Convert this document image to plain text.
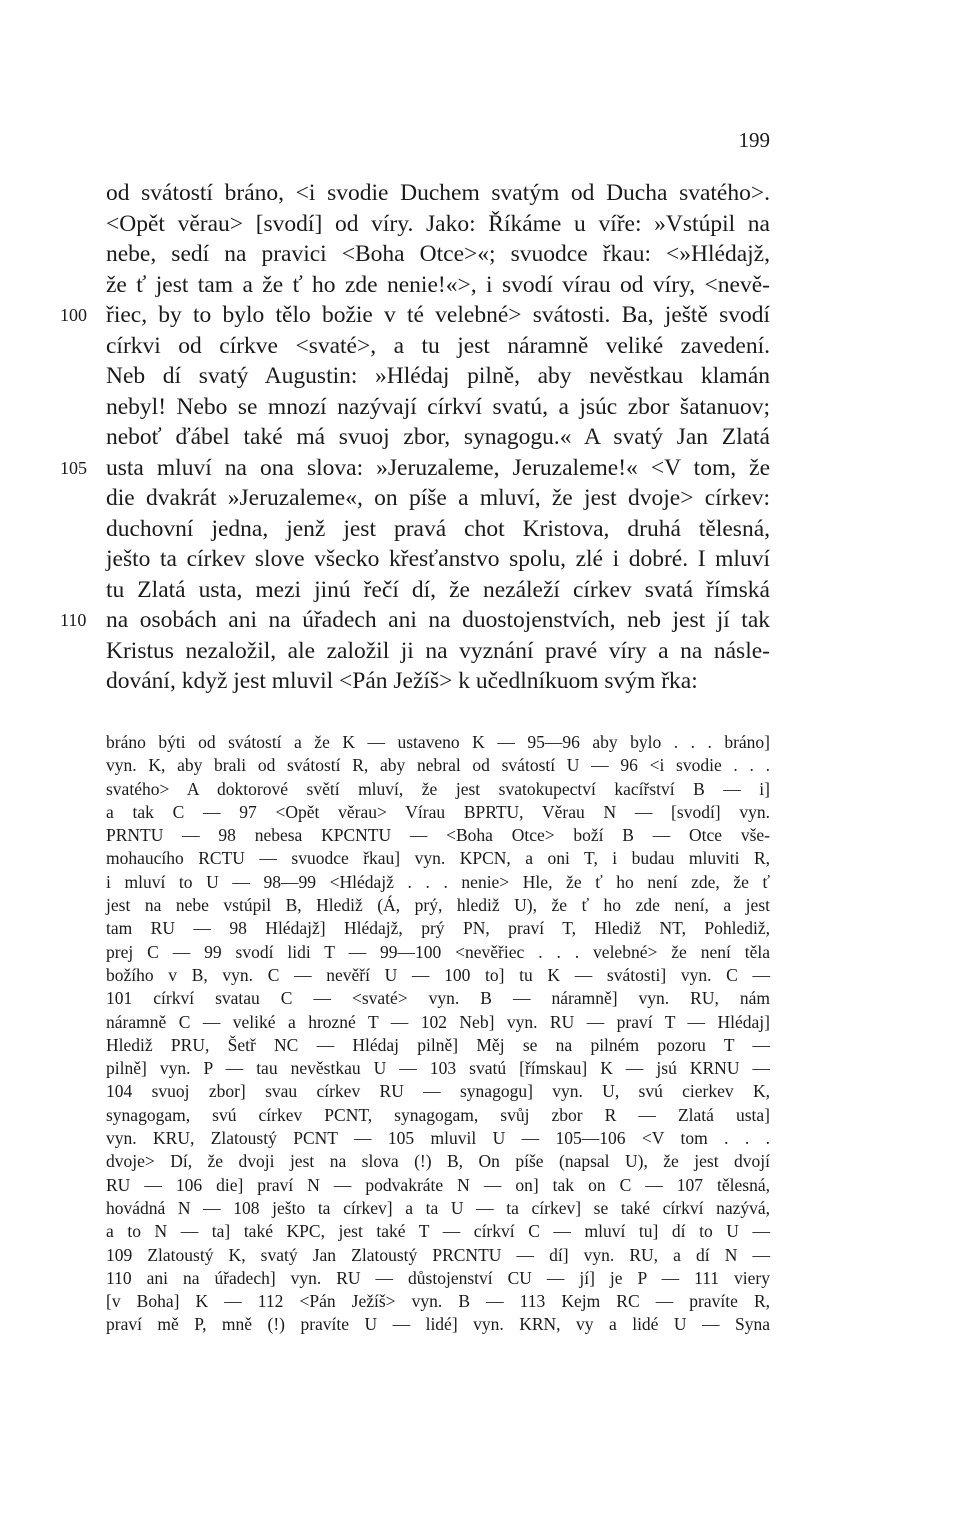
199
od svátostí bráno, <i svodie Duchem svatým od Ducha svatého>.
<Opět věrau> [svodí] od víry. Jako: Říkáme u víře: »Vstúpil na
nebe, sedí na pravici <Boha Otce>«; svuodce řkau: <»Hlédajž,
že ť jest tam a že ť ho zde nenie!«>, i svodí vírau od víry, <nevě-
100 řiec, by to bylo tělo božie v té velebné> svátosti. Ba, ještě svodí
církvi od církve <svaté>, a tu jest náramně veliké zavedení.
Neb dí svatý Augustin: »Hlédaj pilně, aby nevěstkau klamán
nebyl! Nebo se mnozí nazývají církví svatú, a jsúc zbor šatanuov;
neboť ďábel také má svuoj zbor, synagogu.« A svatý Jan Zlatá
105 usta mluví na ona slova: »Jeruzaleme, Jeruzaleme!« <V tom, že
die dvakrát »Jeruzaleme«, on píše a mluví, že jest dvoje> církev:
duchovní jedna, jenž jest pravá chot Kristova, druhá tělesná,
ješto ta církev slove všecko křesťanstvo spolu, zlé i dobré. I mluví
tu Zlatá usta, mezi jinú řečí dí, že nezáleží církev svatá římská
110 na osobách ani na úřadech ani na duostojenstvích, neb jest jí tak
Kristus nezaložil, ale založil ji na vyznání pravé víry a na násle-
dování, když jest mluvil <Pán Ježíš> k učedlníkuom svým řka:
bráno býti od svátostí a že K — ustaveno K — 95—96 aby bylo . . . bráno]
vyn. K, aby brali od svátostí R, aby nebral od svátostí U — 96 <i svodie . . .
svatého> A doktorové světí mluví, že jest svatokupectví kacířství B — i]
a tak C — 97 <Opět věrau> Vírau BPRTU, Věrau N — [svodí] vyn.
PRNTU — 98 nebesa KPCNTU — <Boha Otce> boží B — Otce vše-
mohaucího RCTU — svuodce řkau] vyn. KPCN, a oni T, i budau mluviti R,
i mluví to U — 98—99 <Hlédajž . . . nenie> Hle, že ť ho není zde, že ť
jest na nebe vstúpil B, Hlediž (Á, prý, hlediž U), že ť ho zde není, a jest
tam RU — 98 Hlédajž] Hlédajž, prý PN, praví T, Hlediž NT, Pohlediž,
prej C — 99 svodí lidi T — 99—100 <nevěřiec . . . velebné> že není těla
božího v B, vyn. C — nevěří U — 100 to] tu K — svátosti] vyn. C —
101 církví svatau C — <svaté> vyn. B — náramně] vyn. RU, nám
náramně C — veliké a hrozné T — 102 Neb] vyn. RU — praví T — Hlédaj]
Hlediž PRU, Šetř NC — Hlédaj pilně] Měj se na pilném pozoru T —
pilně] vyn. P — tau nevěstkau U — 103 svatú [římskau] K — jsú KRNU —
104 svuoj zbor] svau církev RU — synagogu] vyn. U, svú cierkev K,
synagogam, svú církev PCNT, synagogam, svůj zbor R — Zlatá usta]
vyn. KRU, Zlatoustý PCNT — 105 mluvil U — 105—106 <V tom . . .
dvoje> Dí, že dvoji jest na slova (!) B, On píše (napsal U), že jest dvojí
RU — 106 die] praví N — podvakráte N — on] tak on C — 107 tělesná,
hovádná N — 108 ješto ta církev] a ta U — ta církev] se také církví nazývá,
a to N — ta] také KPC, jest také T — církví C — mluví tu] dí to U —
109 Zlatoustý K, svatý Jan Zlatoustý PRCNTU — dí] vyn. RU, a dí N —
110 ani na úřadech] vyn. RU — důstojenství CU — jí] je P — 111 viery
[v Boha] K — 112 <Pán Ježíš> vyn. B — 113 Kejm RC — pravíte R,
praví mě P, mně (!) pravíte U — lidé] vyn. KRN, vy a lidé U — Syna
